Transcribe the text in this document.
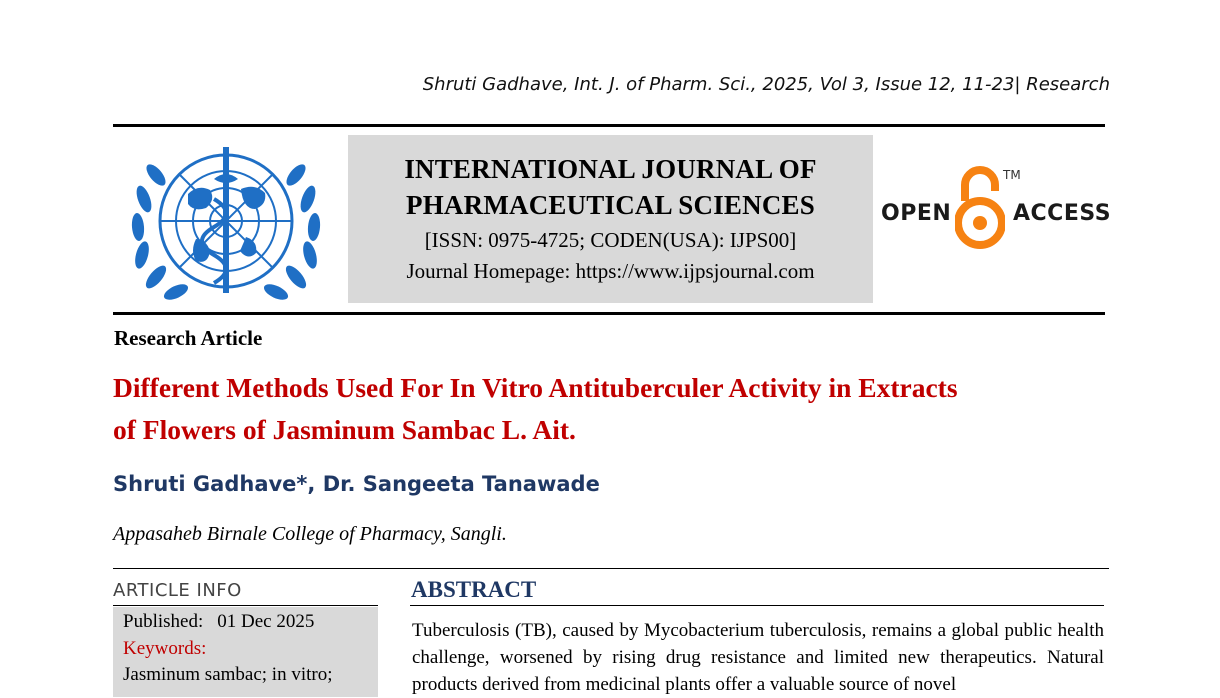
Shruti Gadhave, Int. J. of Pharm. Sci., 2025, Vol 3, Issue 12, 11-23| Research
INTERNATIONAL JOURNAL OF
PHARMACEUTICAL SCIENCES
[ISSN: 0975-4725; CODEN(USA): IJPS00]
Journal Homepage: https://www.ijpsjournal.com
OPEN
TM
ACCESS
Research Article
Different Methods Used For In Vitro Antituberculer Activity in Extracts
of Flowers of Jasminum Sambac L. Ait.
Shruti Gadhave*, Dr. Sangeeta Tanawade
Appasaheb Birnale College of Pharmacy, Sangli.
ARTICLE INFO
Published: 01 Dec 2025
Keywords:
Jasminum sambac; in vitro;
ABSTRACT
Tuberculosis (TB), caused by Mycobacterium tuberculosis, remains a global public health challenge, worsened by rising drug resistance and limited new therapeutics. Natural products derived from medicinal plants offer a valuable source of novel
